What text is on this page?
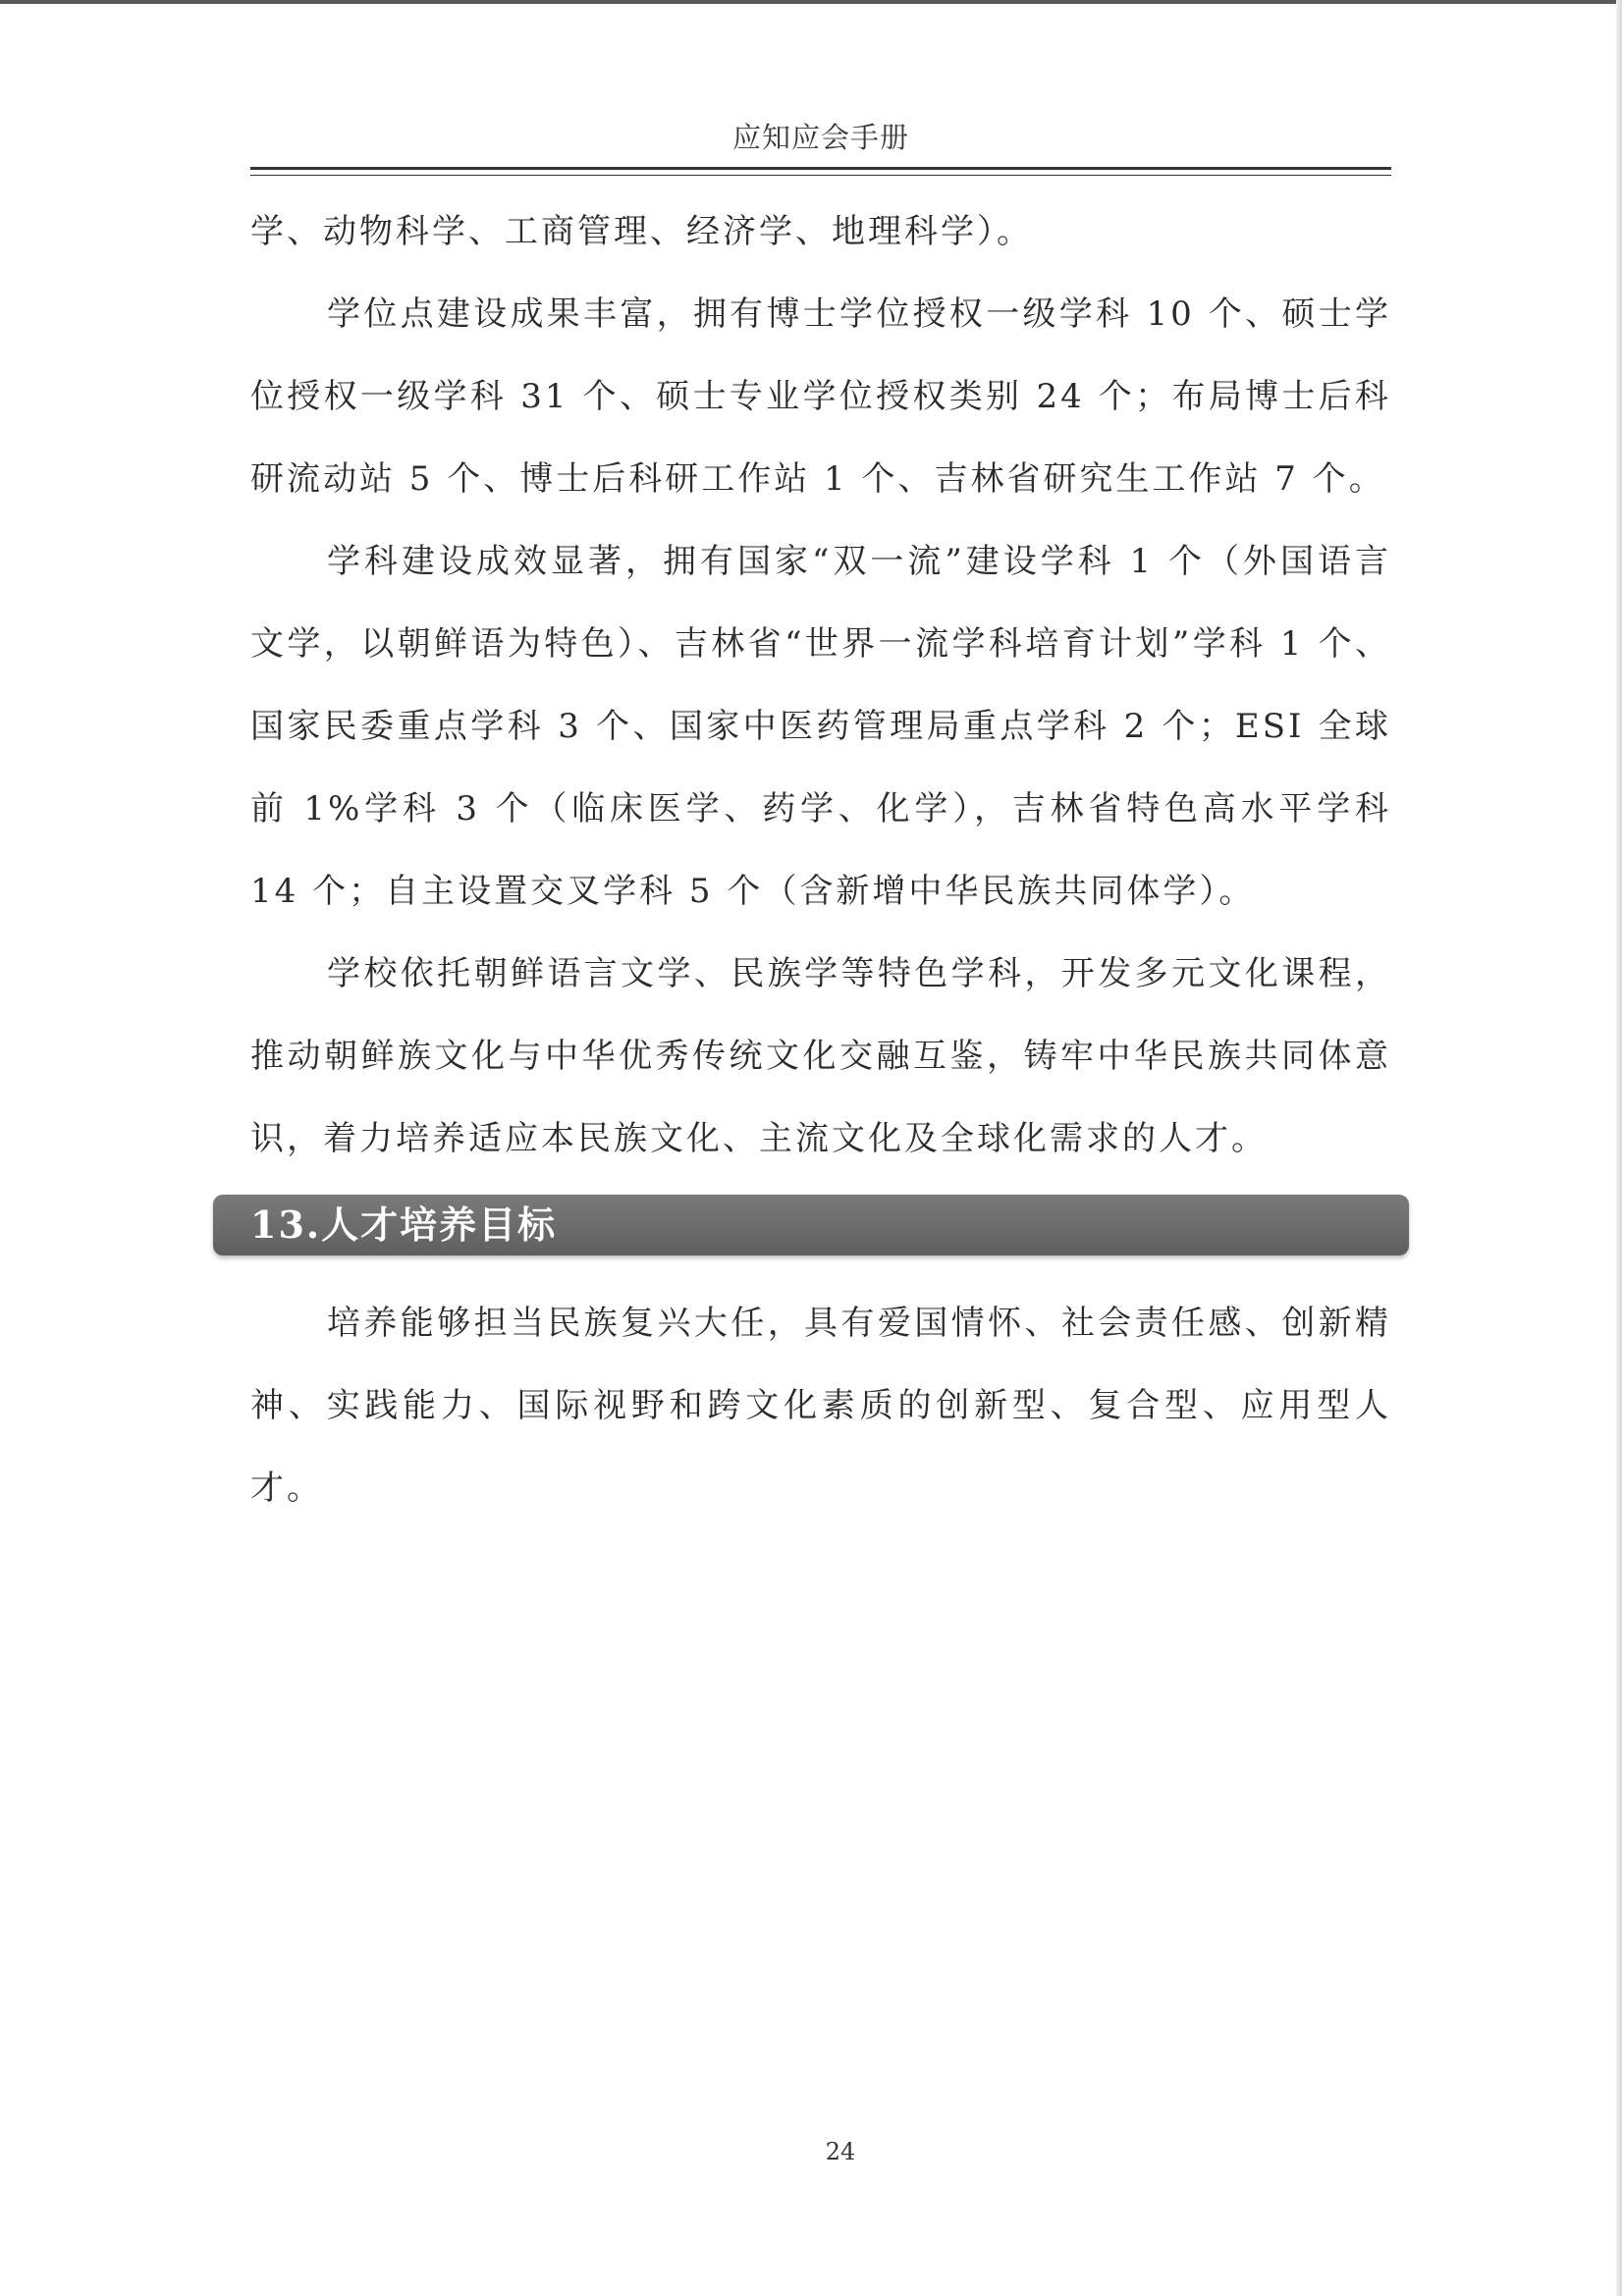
应知应会手册

学、动物科学、工商管理、经济学、地理科学）。

学位点建设成果丰富，拥有博士学位授权一级学科 10 个、硕士学位授权一级学科 31 个、硕士专业学位授权类别 24 个；布局博士后科研流动站 5 个、博士后科研工作站 1 个、吉林省研究生工作站 7 个。

学科建设成效显著，拥有国家“双一流”建设学科 1 个（外国语言文学，以朝鲜语为特色）、吉林省“世界一流学科培育计划”学科 1 个、国家民委重点学科 3 个、国家中医药管理局重点学科 2 个；ESI 全球前 1%学科 3 个（临床医学、药学、化学），吉林省特色高水平学科 14 个；自主设置交叉学科 5 个（含新增中华民族共同体学）。

学校依托朝鲜语言文学、民族学等特色学科，开发多元文化课程，推动朝鲜族文化与中华优秀传统文化交融互鉴，铸牢中华民族共同体意识，着力培养适应本民族文化、主流文化及全球化需求的人才。

13.人才培养目标

培养能够担当民族复兴大任，具有爱国情怀、社会责任感、创新精神、实践能力、国际视野和跨文化素质的创新型、复合型、应用型人才。

24
